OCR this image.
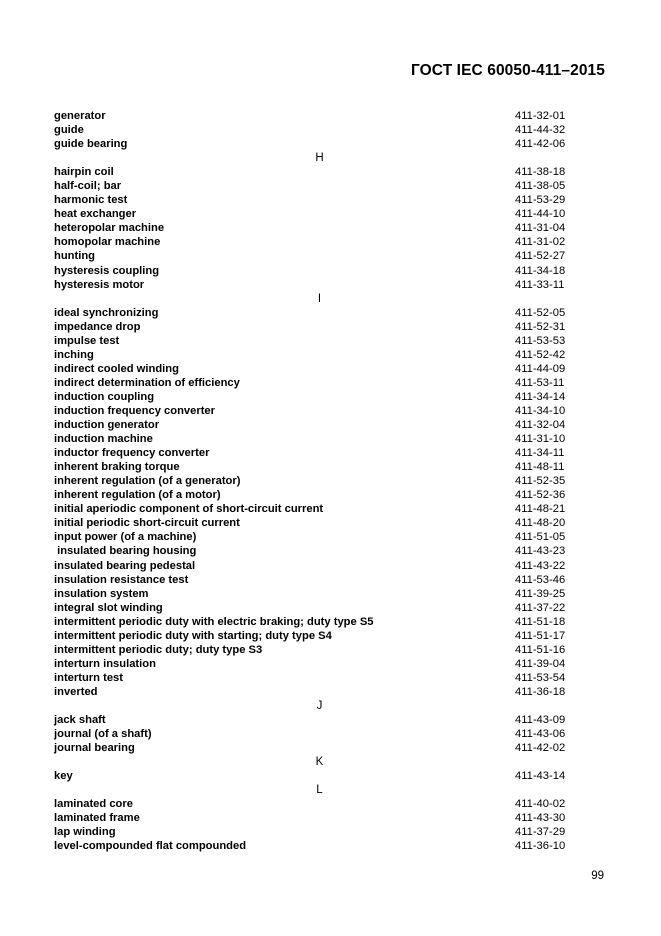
ГОСТ IEC 60050-411–2015
generator	411-32-01
guide	411-44-32
guide bearing	411-42-06
H
hairpin coil	411-38-18
half-coil; bar	411-38-05
harmonic test	411-53-29
heat exchanger	411-44-10
heteropolar machine	411-31-04
homopolar machine	411-31-02
hunting	411-52-27
hysteresis coupling	411-34-18
hysteresis motor	411-33-11
I
ideal synchronizing	411-52-05
impedance drop	411-52-31
impulse test	411-53-53
inching	411-52-42
indirect cooled winding	411-44-09
indirect determination of efficiency	411-53-11
induction coupling	411-34-14
induction frequency converter	411-34-10
induction generator	411-32-04
induction machine	411-31-10
inductor frequency converter	411-34-11
inherent braking torque	411-48-11
inherent regulation (of a generator)	411-52-35
inherent regulation (of a motor)	411-52-36
initial aperiodic component of short-circuit current	411-48-21
initial periodic short-circuit current	411-48-20
input power (of a machine)	411-51-05
insulated bearing housing	411-43-23
insulated bearing pedestal	411-43-22
insulation resistance test	411-53-46
insulation system	411-39-25
integral slot winding	411-37-22
intermittent periodic duty with electric braking; duty type S5	411-51-18
intermittent periodic duty with starting; duty type S4	411-51-17
intermittent periodic duty; duty type S3	411-51-16
interturn insulation	411-39-04
interturn test	411-53-54
inverted	411-36-18
J
jack shaft	411-43-09
journal (of a shaft)	411-43-06
journal bearing	411-42-02
K
key	411-43-14
L
laminated core	411-40-02
laminated frame	411-43-30
lap winding	411-37-29
level-compounded flat compounded	411-36-10
99
